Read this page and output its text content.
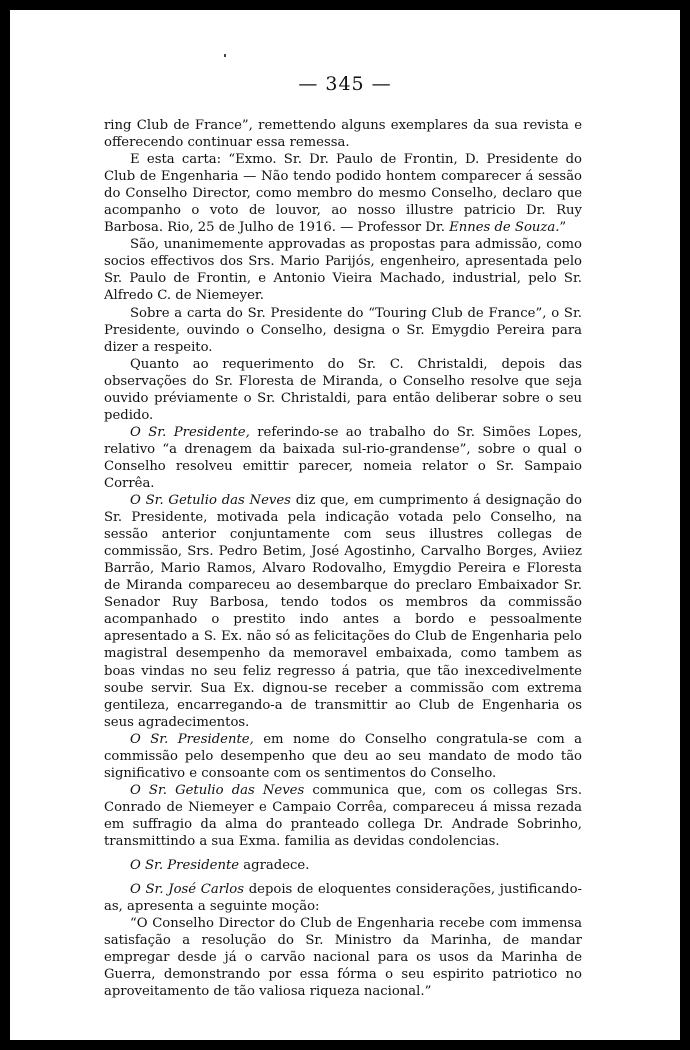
— 345 —

ring Club de France”, remettendo alguns exemplares da sua revista e offerecendo continuar essa remessa.

E esta carta: “Exmo. Sr. Dr. Paulo de Frontin, D. Presidente do Club de Engenharia — Não tendo podido hontem comparecer á sessão do Conselho Director, como membro do mesmo Conselho, declaro que acompanho o voto de louvor, ao nosso illustre patricio Dr. Ruy Barbosa. Rio, 25 de Julho de 1916. — Professor Dr. Ennes de Souza.”

São, unanimemente approvadas as propostas para admissão, como socios effectivos dos Srs. Mario Parijós, engenheiro, apresentada pelo Sr. Paulo de Frontin, e Antonio Vieira Machado, industrial, pelo Sr. Alfredo C. de Niemeyer.

Sobre a carta do Sr. Presidente do “Touring Club de France”, o Sr. Presidente, ouvindo o Conselho, designa o Sr. Emygdio Pereira para dizer a respeito.

Quanto ao requerimento do Sr. C. Christaldi, depois das observações do Sr. Floresta de Miranda, o Conselho resolve que seja ouvido préviamente o Sr. Christaldi, para então deliberar sobre o seu pedido.

O Sr. Presidente, referindo-se ao trabalho do Sr. Simões Lopes, relativo “a drenagem da baixada sul-rio-grandense”, sobre o qual o Conselho resolveu emittir parecer, nomeia relator o Sr. Sampaio Corrêa.

O Sr. Getulio das Neves diz que, em cumprimento á designação do Sr. Presidente, motivada pela indicação votada pelo Conselho, na sessão anterior conjuntamente com seus illustres collegas de commissão, Srs. Pedro Betim, José Agostinho, Carvalho Borges, Aviiez Barrão, Mario Ramos, Alvaro Rodovalho, Emygdio Pereira e Floresta de Miranda compareceu ao desembarque do preclaro Embaixador Sr. Senador Ruy Barbosa, tendo todos os membros da commissão acompanhado o prestito indo antes a bordo e pessoalmente apresentado a S. Ex. não só as felicitações do Club de Engenharia pelo magistral desempenho da memoravel embaixada, como tambem as boas vindas no seu feliz regresso á patria, que tão inexcedivelmente soube servir. Sua Ex. dignou-se receber a commissão com extrema gentileza, encarregando-a de transmittir ao Club de Engenharia os seus agradecimentos.

O Sr. Presidente, em nome do Conselho congratula-se com a commissão pelo desempenho que deu ao seu mandato de modo tão significativo e consoante com os sentimentos do Conselho.

O Sr. Getulio das Neves communica que, com os collegas Srs. Conrado de Niemeyer e Campaio Corrêa, compareceu á missa rezada em suffragio da alma do pranteado collega Dr. Andrade Sobrinho, transmittindo a sua Exma. familia as devidas condolencias.

O Sr. Presidente agradece.

O Sr. José Carlos depois de eloquentes considerações, justificando-as, apresenta a seguinte moção:

“O Conselho Director do Club de Engenharia recebe com immensa satisfação a resolução do Sr. Ministro da Marinha, de mandar empregar desde já o carvão nacional para os usos da Marinha de Guerra, demonstrando por essa fórma o seu espirito patriotico no aproveitamento de tão valiosa riqueza nacional.”
